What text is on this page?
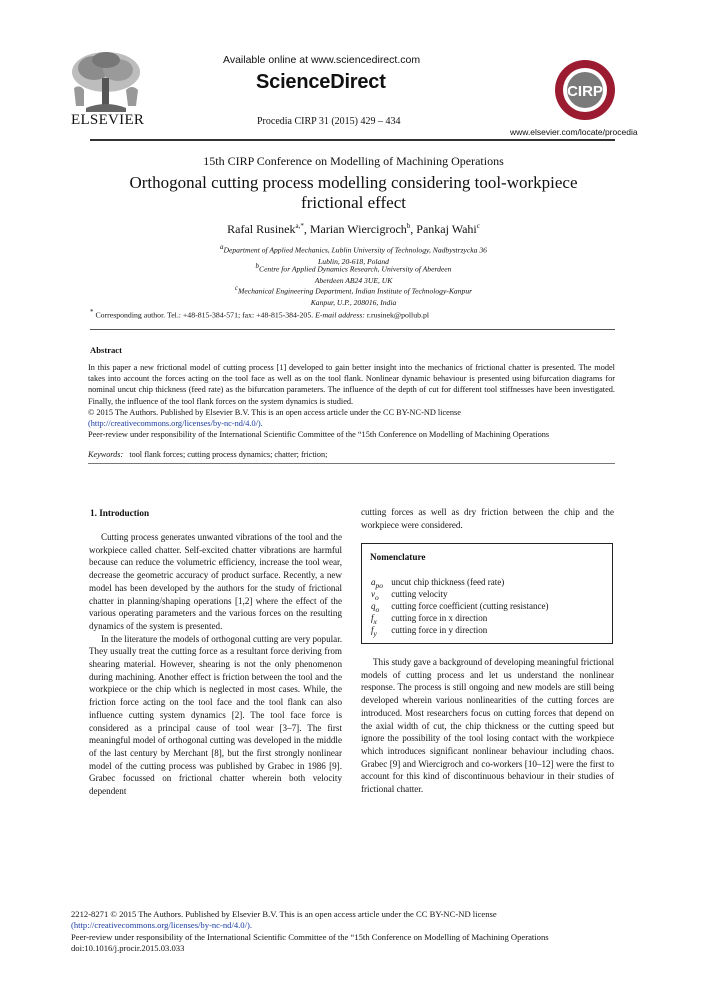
ELSEVIER
Available online at www.sciencedirect.com
ScienceDirect
Procedia CIRP 31 (2015) 429 – 434
CIRP
www.elsevier.com/locate/procedia
15th CIRP Conference on Modelling of Machining Operations
Orthogonal cutting process modelling considering tool-workpiece frictional effect
Rafal Rusinek$^{a,*}$, Marian Wiercigroch$^b$, Pankaj Wahi$^c$
$^a$Department of Applied Mechanics, Lublin University of Technology, Nadbystrzycka 36
Lublin, 20-618, Poland
$^b$Centre for Applied Dynamics Research, University of Aberdeen
Aberdeen AB24 3UE, UK
$^c$Mechanical Engineering Department, Indian Institute of Technology-Kanpur
Kanpur, U.P., 208016, India
* Corresponding author. Tel.: +48-815-384-571; fax: +48-815-384-205. E-mail address: r.rusinek@pollub.pl
Abstract

In this paper a new frictional model of cutting process [1] developed to gain better insight into the mechanics of frictional chatter is presented. The model takes into account the forces acting on the tool face as well as on the tool flank. Nonlinear dynamic behaviour is presented using bifurcation diagrams for nominal uncut chip thickness (feed rate) as the bifurcation parameters. The influence of the depth of cut for different tool stiffnesses have been investigated. Finally, the influence of the tool flank forces on the system dynamics is studied.

© 2015 The Authors. Published by Elsevier B.V. This is an open access article under the CC BY-NC-ND license

(http://creativecommons.org/licenses/by-nc-nd/4.0/).

Peer-review under responsibility of the International Scientific Committee of the “15th Conference on Modelling of Machining Operations

Keywords: tool flank forces; cutting process dynamics; chatter; friction;
1. Introduction

Cutting process generates unwanted vibrations of the tool and the workpiece called chatter. Self-excited chatter vibrations are harmful because can reduce the volumetric efficiency, increase the tool wear, decrease the geometric accuracy of product surface. Recently, a new model has been developed by the authors for the study of frictional chatter in planning/shaping operations [1,2] where the effect of the various operating parameters and the various forces on the resulting dynamics of the system is presented.

In the literature the models of orthogonal cutting are very popular. They usually treat the cutting force as a resultant force deriving from shearing material. However, shearing is not the only phenomenon during machining. Another effect is friction between the tool and the workpiece or the chip which is neglected in most cases. While, the friction force acting on the tool face and the tool flank can also influence cutting system dynamics [2]. The tool face force is considered as a principal cause of tool wear [3–7]. The first meaningful model of orthogonal cutting was developed in the middle of the last century by Merchant [8], but the first strongly nonlinear model of the cutting process was published by Grabec in 1986 [9]. Grabec focussed on frictional chatter wherein both velocity dependent

cutting forces as well as dry friction between the chip and the workpiece were considered.

Nomenclature
$a_{po}$ uncut chip thickness (feed rate)
$v_o$ cutting velocity
$q_o$ cutting force coefficient (cutting resistance)
$f_x$ cutting force in x direction
$f_y$ cutting force in y direction

This study gave a background of developing meaningful frictional models of cutting process and let us understand the nonlinear response. The process is still ongoing and new models are still being developed wherein various nonlinearities of the cutting forces are introduced. Most researchers focus on cutting forces that depend on the axial width of cut, the chip thickness or the cutting speed but ignore the possibility of the tool losing contact with the workpiece which introduces significant nonlinear behaviour including chaos. Grabec [9] and Wiercigroch and co-workers [10–12] were the first to account for this kind of discontinuous behaviour in their studies of frictional chatter.

2212-8271 © 2015 The Authors. Published by Elsevier B.V. This is an open access article under the CC BY-NC-ND license
(http://creativecommons.org/licenses/by-nc-nd/4.0/).
Peer-review under responsibility of the International Scientific Committee of the “15th Conference on Modelling of Machining Operations
doi:10.1016/j.procir.2015.03.033
